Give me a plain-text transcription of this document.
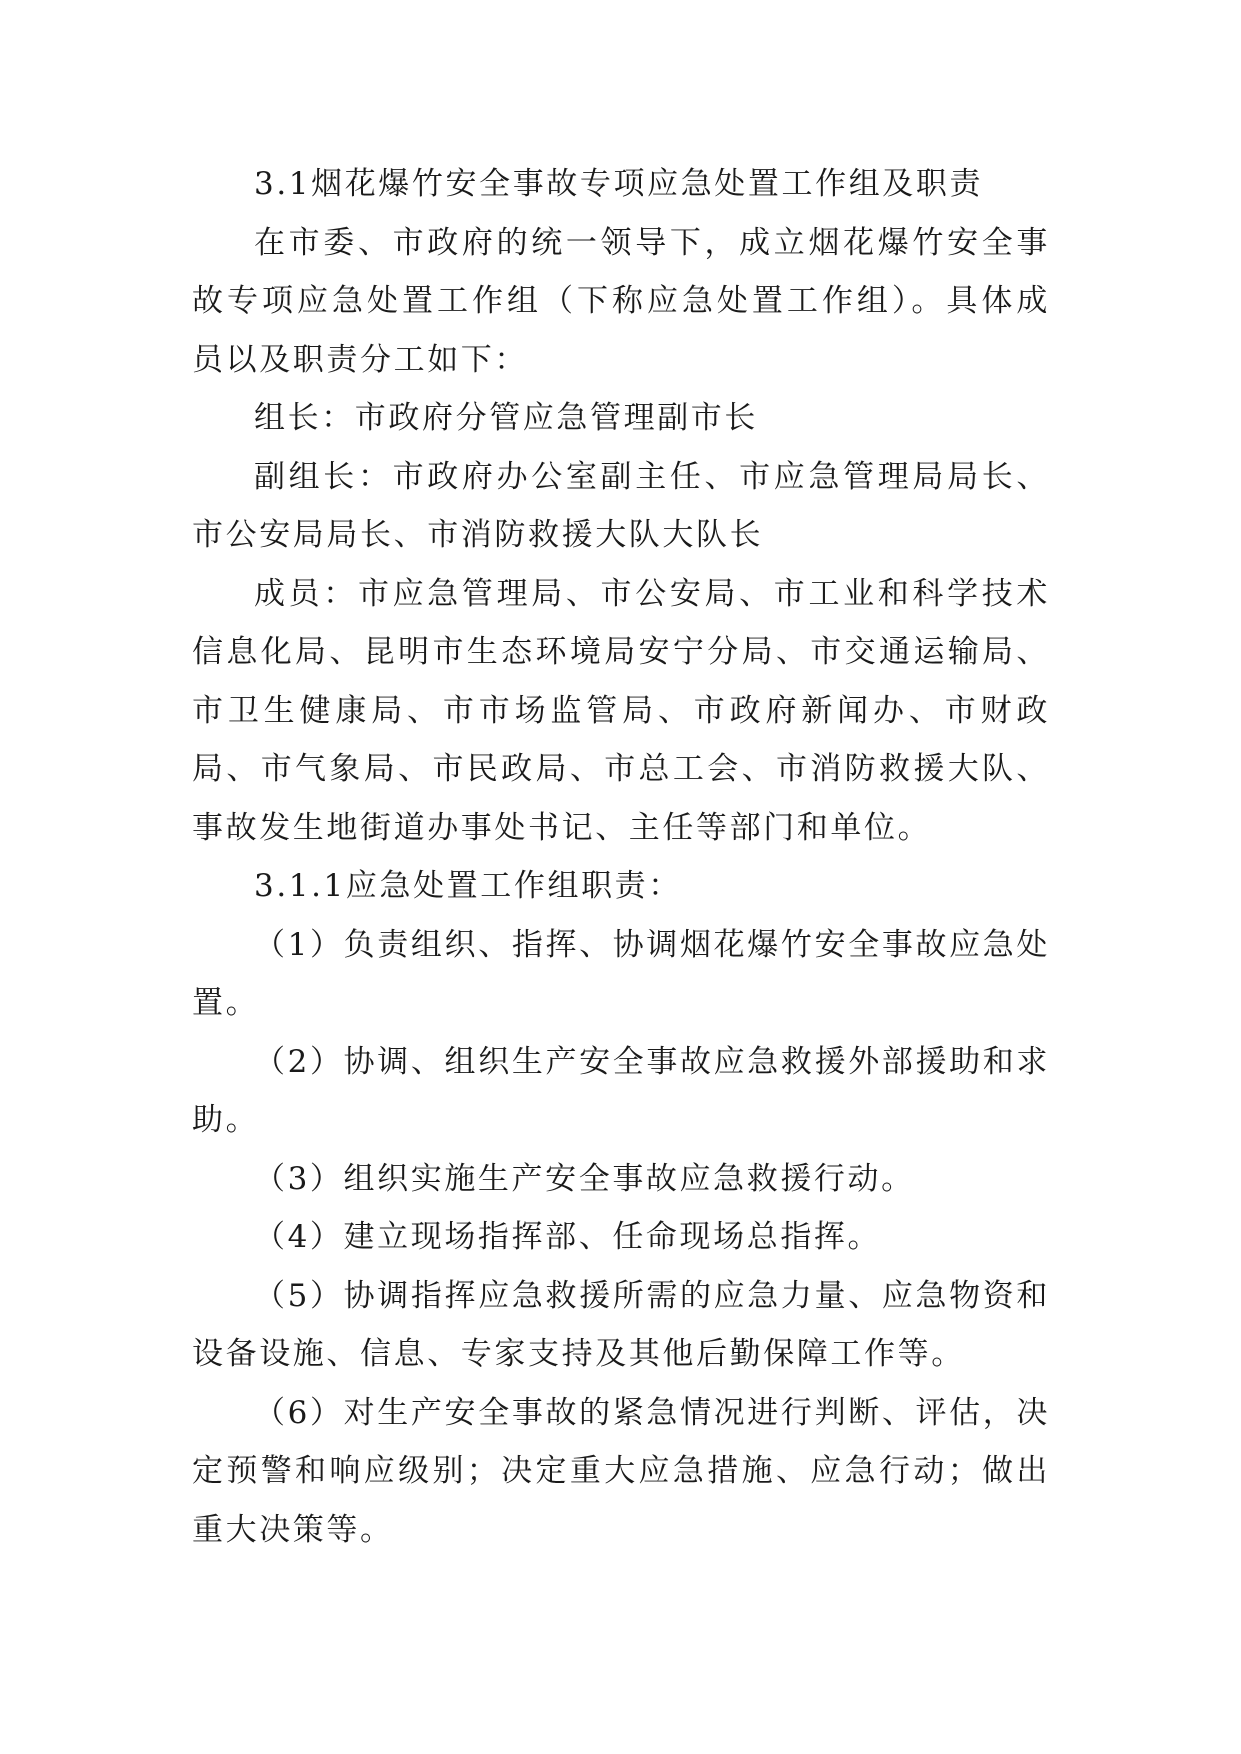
3.1烟花爆竹安全事故专项应急处置工作组及职责

在市委、市政府的统一领导下，成立烟花爆竹安全事故专项应急处置工作组（下称应急处置工作组）。具体成员以及职责分工如下：

组长：市政府分管应急管理副市长

副组长：市政府办公室副主任、市应急管理局局长、市公安局局长、市消防救援大队大队长

成员：市应急管理局、市公安局、市工业和科学技术信息化局、昆明市生态环境局安宁分局、市交通运输局、市卫生健康局、市市场监管局、市政府新闻办、市财政局、市气象局、市民政局、市总工会、市消防救援大队、事故发生地街道办事处书记、主任等部门和单位。

3.1.1应急处置工作组职责：

（1）负责组织、指挥、协调烟花爆竹安全事故应急处置。

（2）协调、组织生产安全事故应急救援外部援助和求助。

（3）组织实施生产安全事故应急救援行动。

（4）建立现场指挥部、任命现场总指挥。

（5）协调指挥应急救援所需的应急力量、应急物资和设备设施、信息、专家支持及其他后勤保障工作等。

（6）对生产安全事故的紧急情况进行判断、评估，决定预警和响应级别；决定重大应急措施、应急行动；做出重大决策等。
